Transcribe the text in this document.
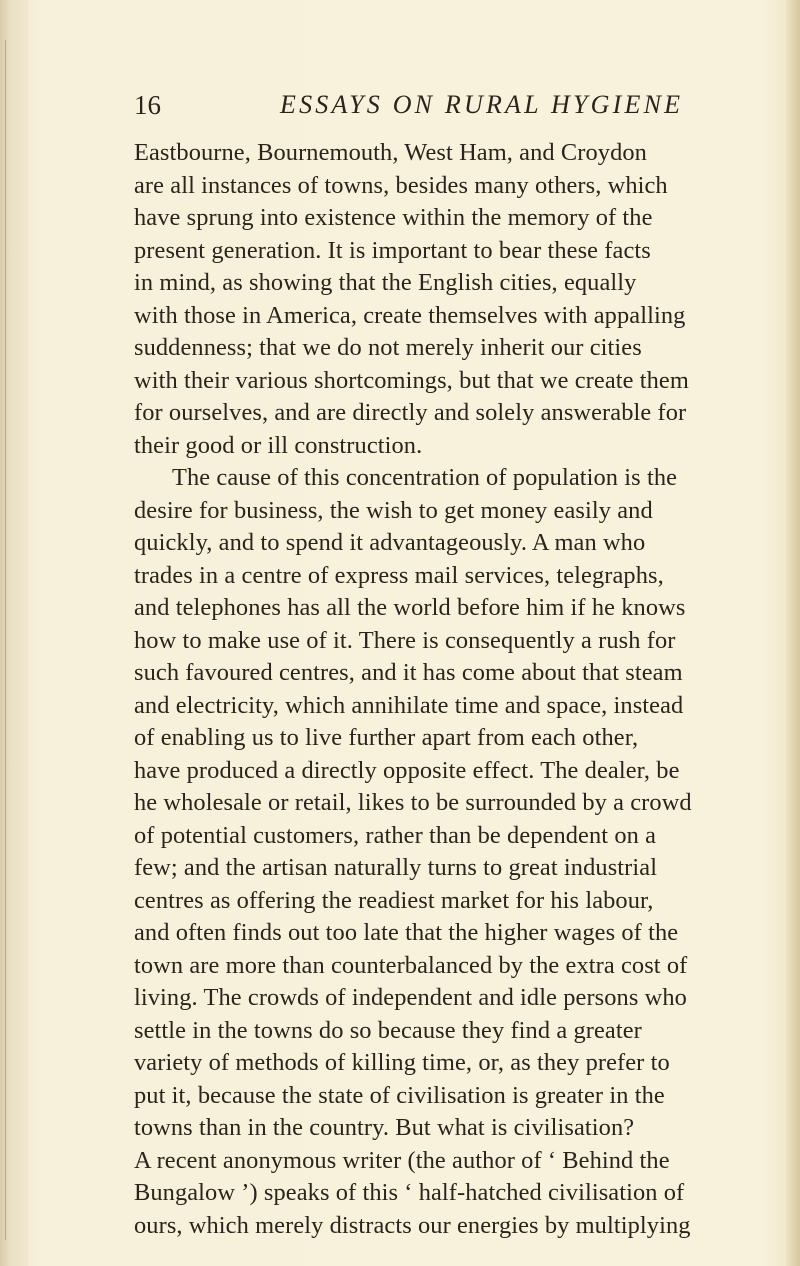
16	ESSAYS ON RURAL HYGIENE
Eastbourne, Bournemouth, West Ham, and Croydon
are all instances of towns, besides many others, which
have sprung into existence within the memory of the
present generation. It is important to bear these facts
in mind, as showing that the English cities, equally
with those in America, create themselves with appalling
suddenness; that we do not merely inherit our cities
with their various shortcomings, but that we create them
for ourselves, and are directly and solely answerable for
their good or ill construction.
The cause of this concentration of population is the
desire for business, the wish to get money easily and
quickly, and to spend it advantageously. A man who
trades in a centre of express mail services, telegraphs,
and telephones has all the world before him if he knows
how to make use of it. There is consequently a rush for
such favoured centres, and it has come about that steam
and electricity, which annihilate time and space, instead
of enabling us to live further apart from each other,
have produced a directly opposite effect. The dealer, be
he wholesale or retail, likes to be surrounded by a crowd
of potential customers, rather than be dependent on a
few; and the artisan naturally turns to great industrial
centres as offering the readiest market for his labour,
and often finds out too late that the higher wages of the
town are more than counterbalanced by the extra cost of
living. The crowds of independent and idle persons who
settle in the towns do so because they find a greater
variety of methods of killing time, or, as they prefer to
put it, because the state of civilisation is greater in the
towns than in the country. But what is civilisation?
A recent anonymous writer (the author of ‘ Behind the
Bungalow ’) speaks of this ‘ half-hatched civilisation of
ours, which merely distracts our energies by multiplying
